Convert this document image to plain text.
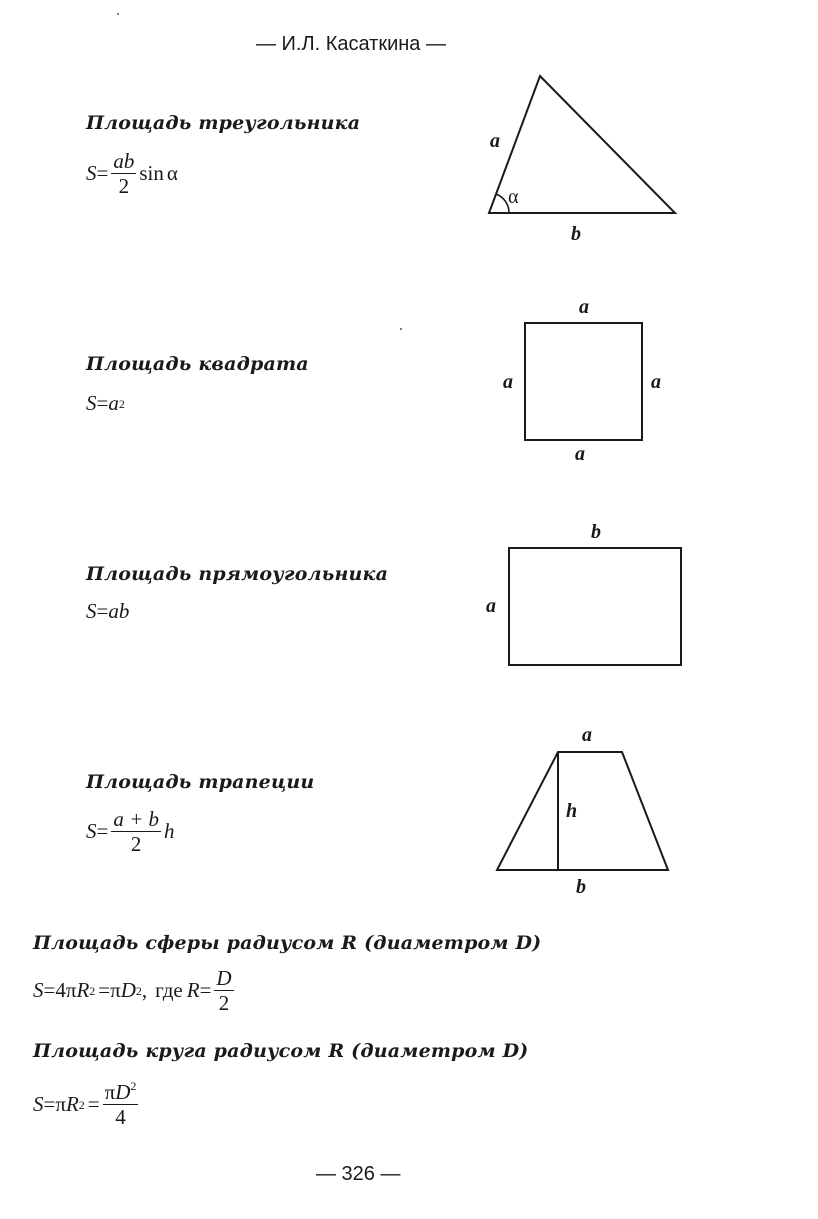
— И.Л. Касаткина —
Площадь треугольника
$S = \frac{ab}{2}$ sin α
a
α
b
Площадь квадрата
S = a 2
a
a	a
a
Площадь прямоугольника
S = ab
b
a
Площадь трапеции
$S = \frac{a + b}{2}$ h
a
h
b
Площадь сферы радиусом R (диаметром D)
S = 4 π R 2 = π D 2 , где $R = \frac{D}{2}$
Площадь круга радиусом R (диаметром D)
S = π R $2 = \frac{\pi D^2}{4}$
— 326 —
